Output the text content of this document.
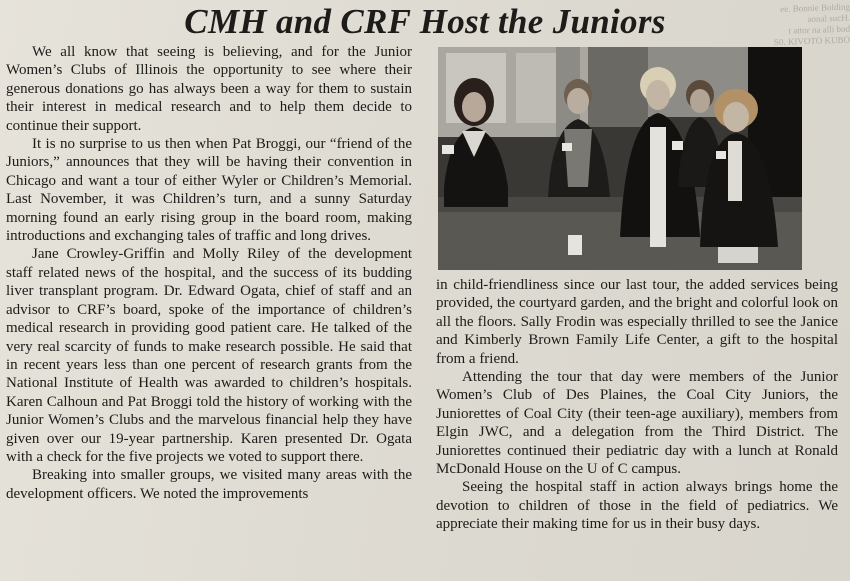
ee. Bonnie Bolding
aonal sucH.
t attor na alli bod
S0. KIVOTO KUBO
CMH and CRF Host the Juniors

We all know that seeing is believing, and for the Junior Women’s Clubs of Illinois the opportunity to see where their generous donations go has always been a way for them to sustain their interest in medical research and to help them decide to continue their support.

It is no surprise to us then when Pat Broggi, our “friend of the Juniors,” announces that they will be having their convention in Chicago and want a tour of either Wyler or Children’s Memorial. Last November, it was Children’s turn, and a sunny Saturday morning found an early rising group in the board room, making introductions and exchanging tales of traffic and long drives.

Jane Crowley-Griffin and Molly Riley of the development staff related news of the hospital, and the success of its budding liver transplant program. Dr. Edward Ogata, chief of staff and an advisor to CRF’s board, spoke of the importance of children’s medical research in providing good patient care. He talked of the very real scarcity of funds to make research possible. He said that in recent years less than one percent of research grants from the National Institute of Health was awarded to children’s hospitals. Karen Calhoun and Pat Broggi told the history of working with the Junior Women’s Clubs and the marvelous financial help they have given over our 19-year partnership. Karen presented Dr. Ogata with a check for the five projects we voted to support there.

Breaking into smaller groups, we visited many areas with the development officers. We noted the improvements

in child-friendliness since our last tour, the added services being provided, the courtyard garden, and the bright and colorful look on all the floors. Sally Frodin was especially thrilled to see the Janice and Kimberly Brown Family Life Center, a gift to the hospital from a friend.

Attending the tour that day were members of the Junior Women’s Club of Des Plaines, the Coal City Juniors, the Juniorettes of Coal City (their teen-age auxiliary), members from Elgin JWC, and a delegation from the Third District. The Juniorettes continued their pediatric day with a lunch at Ronald McDonald House on the U of C campus.

Seeing the hospital staff in action always brings home the devotion to children of those in the field of pediatrics. We appreciate their making time for us in their busy days.
